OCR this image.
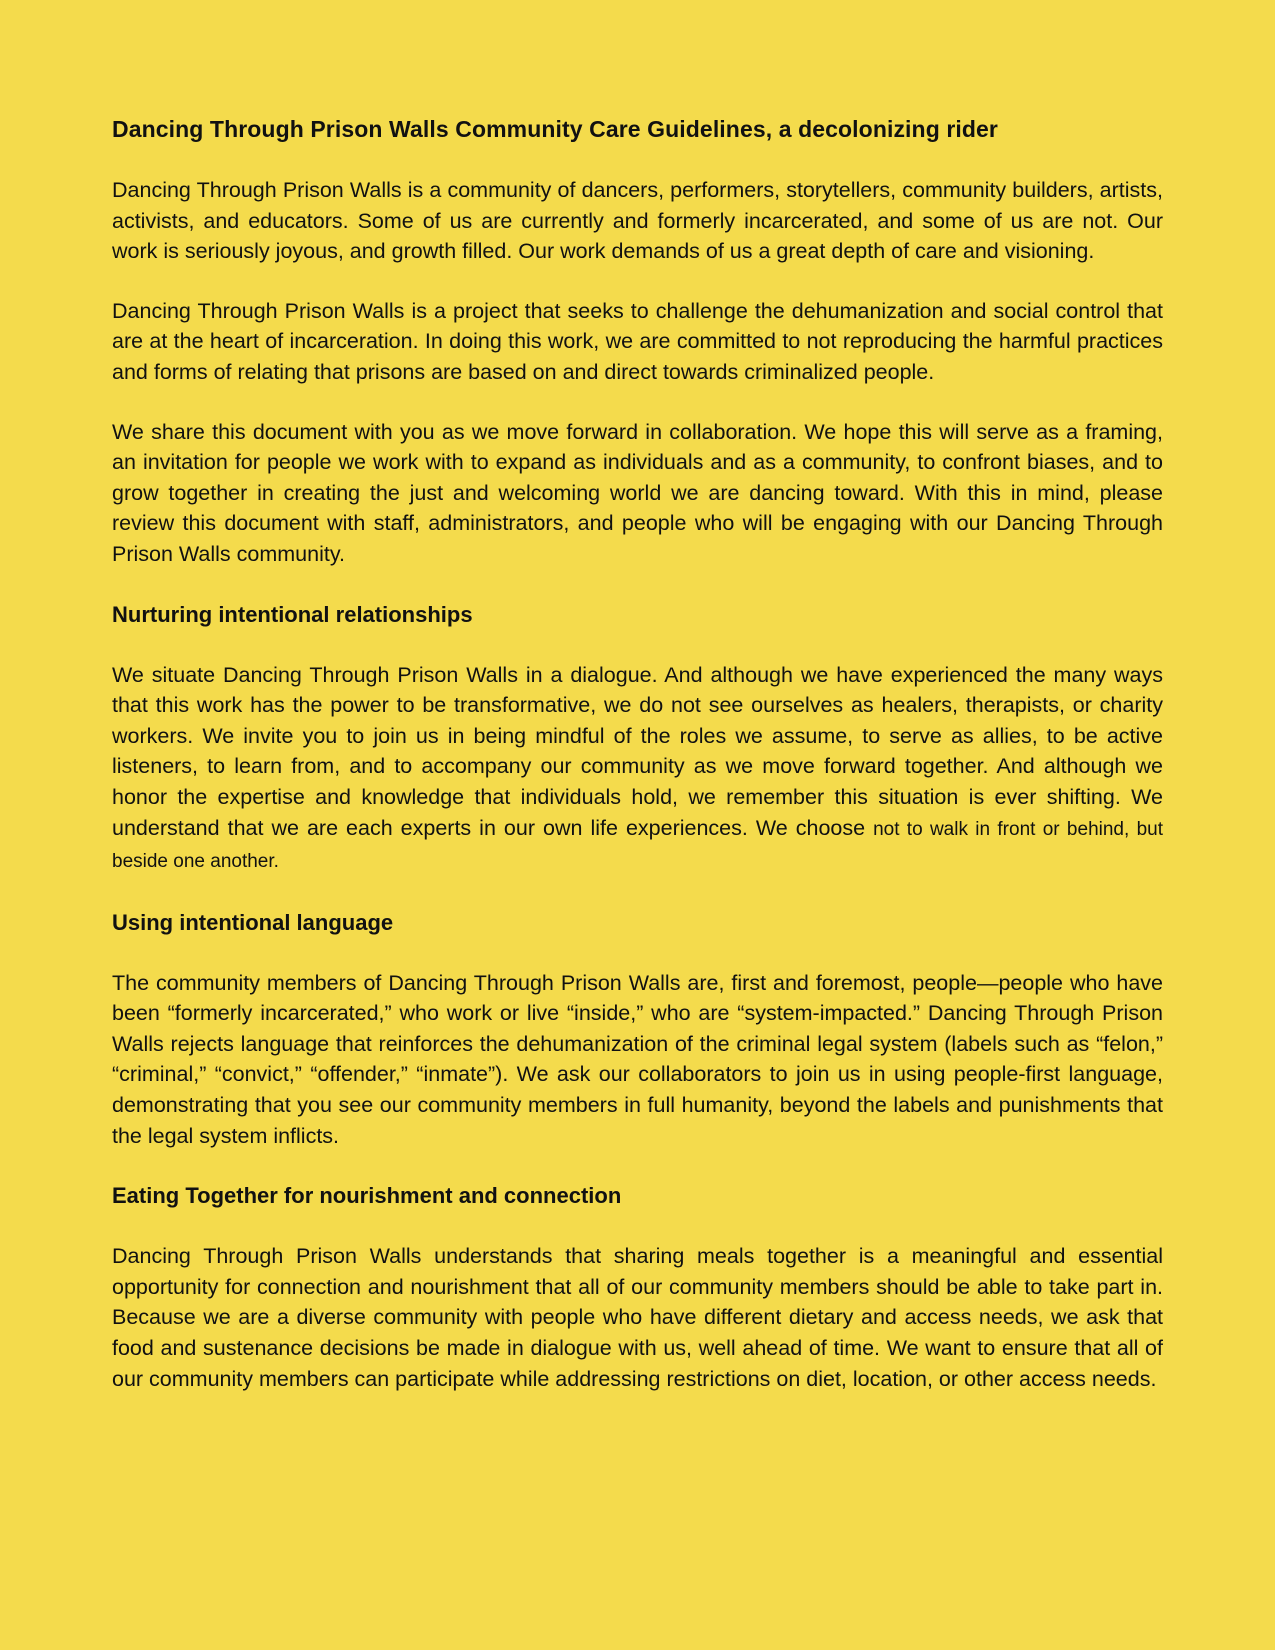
Dancing Through Prison Walls Community Care Guidelines, a decolonizing rider

Dancing Through Prison Walls is a community of dancers, performers, storytellers, community builders, artists, activists, and educators. Some of us are currently and formerly incarcerated, and some of us are not. Our work is seriously joyous, and growth filled. Our work demands of us a great depth of care and visioning.

Dancing Through Prison Walls is a project that seeks to challenge the dehumanization and social control that are at the heart of incarceration. In doing this work, we are committed to not reproducing the harmful practices and forms of relating that prisons are based on and direct towards criminalized people.

We share this document with you as we move forward in collaboration. We hope this will serve as a framing, an invitation for people we work with to expand as individuals and as a community, to confront biases, and to grow together in creating the just and welcoming world we are dancing toward. With this in mind, please review this document with staff, administrators, and people who will be engaging with our Dancing Through Prison Walls community.

Nurturing intentional relationships

We situate Dancing Through Prison Walls in a dialogue. And although we have experienced the many ways that this work has the power to be transformative, we do not see ourselves as healers, therapists, or charity workers. We invite you to join us in being mindful of the roles we assume, to serve as allies, to be active listeners, to learn from, and to accompany our community as we move forward together. And although we honor the expertise and knowledge that individuals hold, we remember this situation is ever shifting. We understand that we are each experts in our own life experiences. We choose not to walk in front or behind, but beside one another.

Using intentional language

The community members of Dancing Through Prison Walls are, first and foremost, people—people who have been “formerly incarcerated,” who work or live “inside,” who are “system-impacted.” Dancing Through Prison Walls rejects language that reinforces the dehumanization of the criminal legal system (labels such as “felon,” “criminal,” “convict,” “offender,” “inmate”). We ask our collaborators to join us in using people-first language, demonstrating that you see our community members in full humanity, beyond the labels and punishments that the legal system inflicts.

Eating Together for nourishment and connection

Dancing Through Prison Walls understands that sharing meals together is a meaningful and essential opportunity for connection and nourishment that all of our community members should be able to take part in. Because we are a diverse community with people who have different dietary and access needs, we ask that food and sustenance decisions be made in dialogue with us, well ahead of time. We want to ensure that all of our community members can participate while addressing restrictions on diet, location, or other access needs.
